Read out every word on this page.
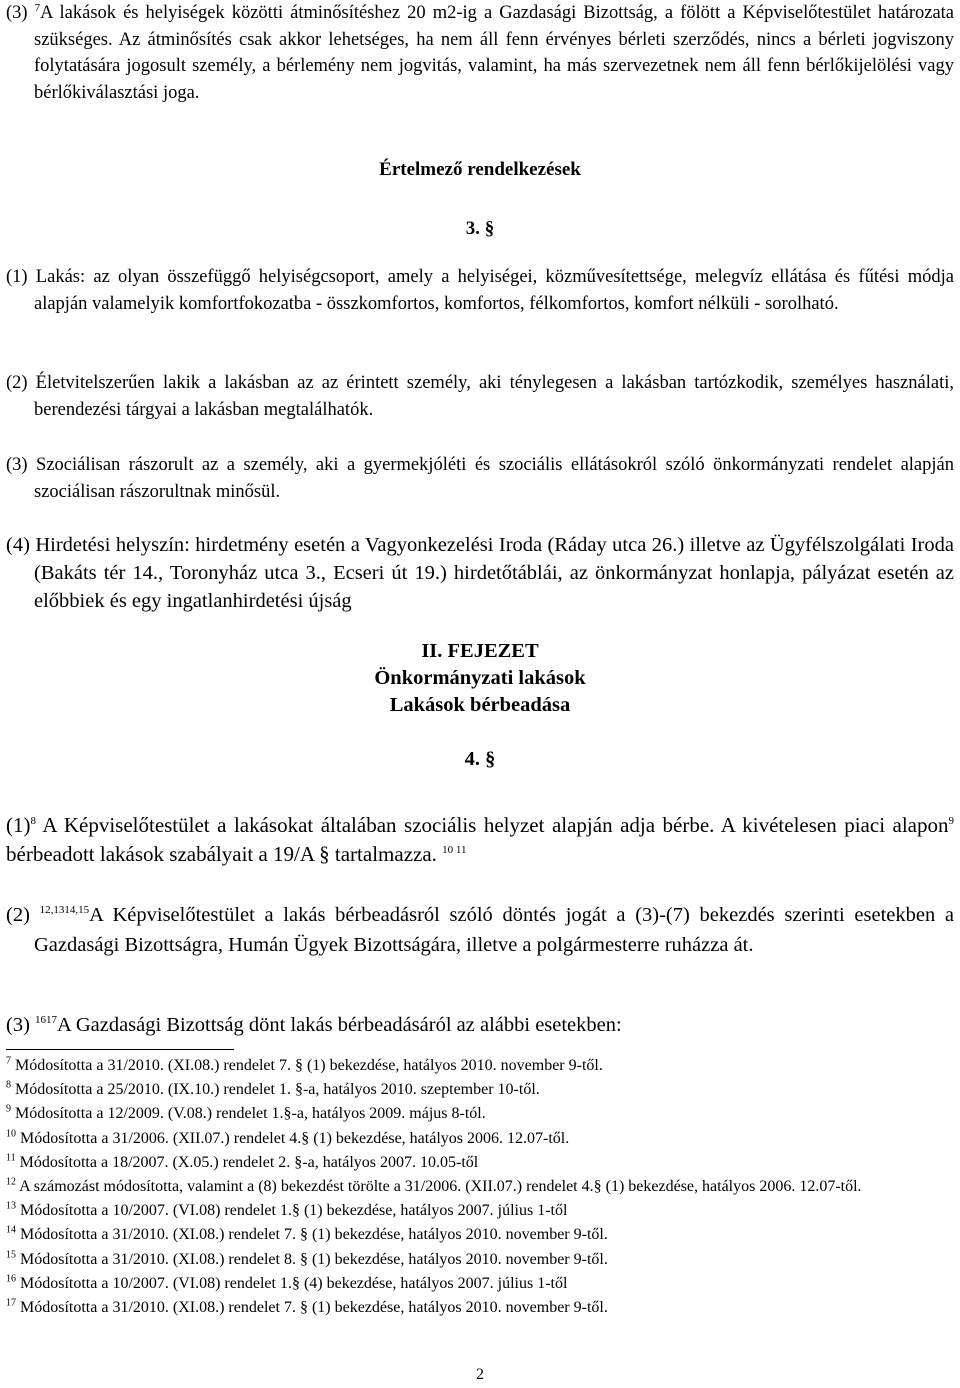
(3) $^7$A lakások és helyiségek közötti átminősítéshez 20 m2-ig a Gazdasági Bizottság, a fölött a Képviselőtestület határozata szükséges. Az átminősítés csak akkor lehetséges, ha nem áll fenn érvényes bérleti szerződés, nincs a bérleti jogviszony folytatására jogosult személy, a bérlemény nem jogvitás, valamint, ha más szervezetnek nem áll fenn bérlőkijelölési vagy bérlőkiválasztási joga.
Értelmező rendelkezések
3. §
(1) Lakás: az olyan összefüggő helyiségcsoport, amely a helyiségei, közművesítettsége, melegvíz ellátása és fűtési módja alapján valamelyik komfortfokozatba - összkomfortos, komfortos, félkomfortos, komfort nélküli - sorolható.
(2) Életvitelszerűen lakik a lakásban az az érintett személy, aki ténylegesen a lakásban tartózkodik, személyes használati, berendezési tárgyai a lakásban megtalálhatók.
(3) Szociálisan rászorult az a személy, aki a gyermekjóléti és szociális ellátásokról szóló önkormányzati rendelet alapján szociálisan rászorultnak minősül.
(4) Hirdetési helyszín: hirdetmény esetén a Vagyonkezelési Iroda (Ráday utca 26.) illetve az Ügyfélszolgálati Iroda (Bakáts tér 14., Toronyház utca 3., Ecseri út 19.) hirdetőtáblái, az önkormányzat honlapja, pályázat esetén az előbbiek és egy ingatlanhirdetési újság
II. FEJEZET
Önkormányzati lakások
Lakások bérbeadása
4. §
$(1)^8$ A Képviselőtestület a lakásokat általában szociális helyzet alapján adja bérbe. A kivételesen piaci alapon$^9$ bérbeadott lakások szabályait a 19/A § tartalmazza. $^{10 11}$
(2) $^{12,1314,15}$A Képviselőtestület a lakás bérbeadásról szóló döntés jogát a (3)-(7) bekezdés szerinti esetekben a Gazdasági Bizottságra, Humán Ügyek Bizottságára, illetve a polgármesterre ruházza át.
(3) $^{1617}$A Gazdasági Bizottság dönt lakás bérbeadásáról az alábbi esetekben:
$^7$ Módosította a 31/2010. (XI.08.) rendelet 7. § (1) bekezdése, hatályos 2010. november 9-től.
$^8$ Módosította a 25/2010. (IX.10.) rendelet 1. §-a, hatályos 2010. szeptember 10-től.
$^9$ Módosította a 12/2009. (V.08.) rendelet 1.§-a, hatályos 2009. május 8-tól.
$^{10}$ Módosította a 31/2006. (XII.07.) rendelet 4.§ (1) bekezdése, hatályos 2006. 12.07-től.
$^{11}$ Módosította a 18/2007. (X.05.) rendelet 2. §-a, hatályos 2007. 10.05-től
$^{12}$ A számozást módosította, valamint a (8) bekezdést törölte a 31/2006. (XII.07.) rendelet 4.§ (1) bekezdése, hatályos 2006. 12.07-től.
$^{13}$ Módosította a 10/2007. (VI.08) rendelet 1.§ (1) bekezdése, hatályos 2007. július 1-től
$^{14}$ Módosította a 31/2010. (XI.08.) rendelet 7. § (1) bekezdése, hatályos 2010. november 9-től.
$^{15}$ Módosította a 31/2010. (XI.08.) rendelet 8. § (1) bekezdése, hatályos 2010. november 9-től.
$^{16}$ Módosította a 10/2007. (VI.08) rendelet 1.§ (4) bekezdése, hatályos 2007. július 1-től
$^{17}$ Módosította a 31/2010. (XI.08.) rendelet 7. § (1) bekezdése, hatályos 2010. november 9-től.
2
